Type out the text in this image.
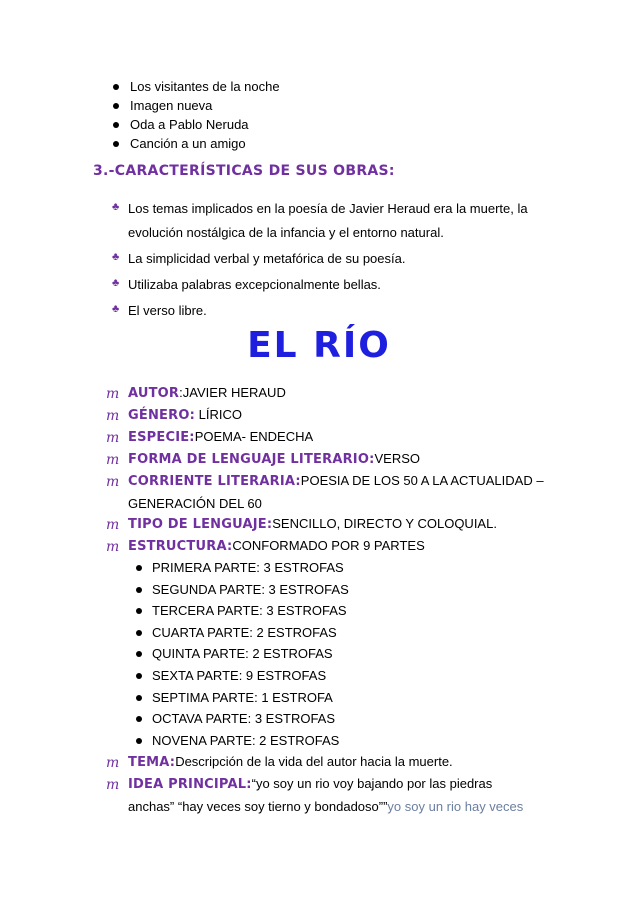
Los visitantes de la noche
Imagen nueva
Oda a Pablo Neruda
Canción a un amigo
3.-CARACTERÍSTICAS DE SUS OBRAS:
♣ Los temas implicados en la poesía de Javier Heraud era la muerte, la
evolución nostálgica de la infancia y el entorno natural.
♣ La simplicidad verbal y metafórica de su poesía.
♣ Utilizaba palabras excepcionalmente bellas.
♣ El verso libre.
EL RÍO
m AUTOR:JAVIER HERAUD
m GÉNERO: LÍRICO
m ESPECIE:POEMA- ENDECHA
m FORMA DE LENGUAJE LITERARIO:VERSO
m CORRIENTE LITERARIA:POESIA DE LOS 50 A LA ACTUALIDAD –
GENERACIÓN DEL 60
m TIPO DE LENGUAJE:SENCILLO, DIRECTO Y COLOQUIAL.
m ESTRUCTURA:CONFORMADO POR 9 PARTES
PRIMERA PARTE: 3 ESTROFAS
SEGUNDA PARTE: 3 ESTROFAS
TERCERA PARTE: 3 ESTROFAS
CUARTA PARTE: 2 ESTROFAS
QUINTA PARTE: 2 ESTROFAS
SEXTA PARTE: 9 ESTROFAS
SEPTIMA PARTE: 1 ESTROFA
OCTAVA PARTE: 3 ESTROFAS
NOVENA PARTE: 2 ESTROFAS
m TEMA:Descripción de la vida del autor hacia la muerte.
m IDEA PRINCIPAL:“yo soy un rio voy bajando por las piedras
anchas” “hay veces soy tierno y bondadoso””yo soy un rio hay veces
